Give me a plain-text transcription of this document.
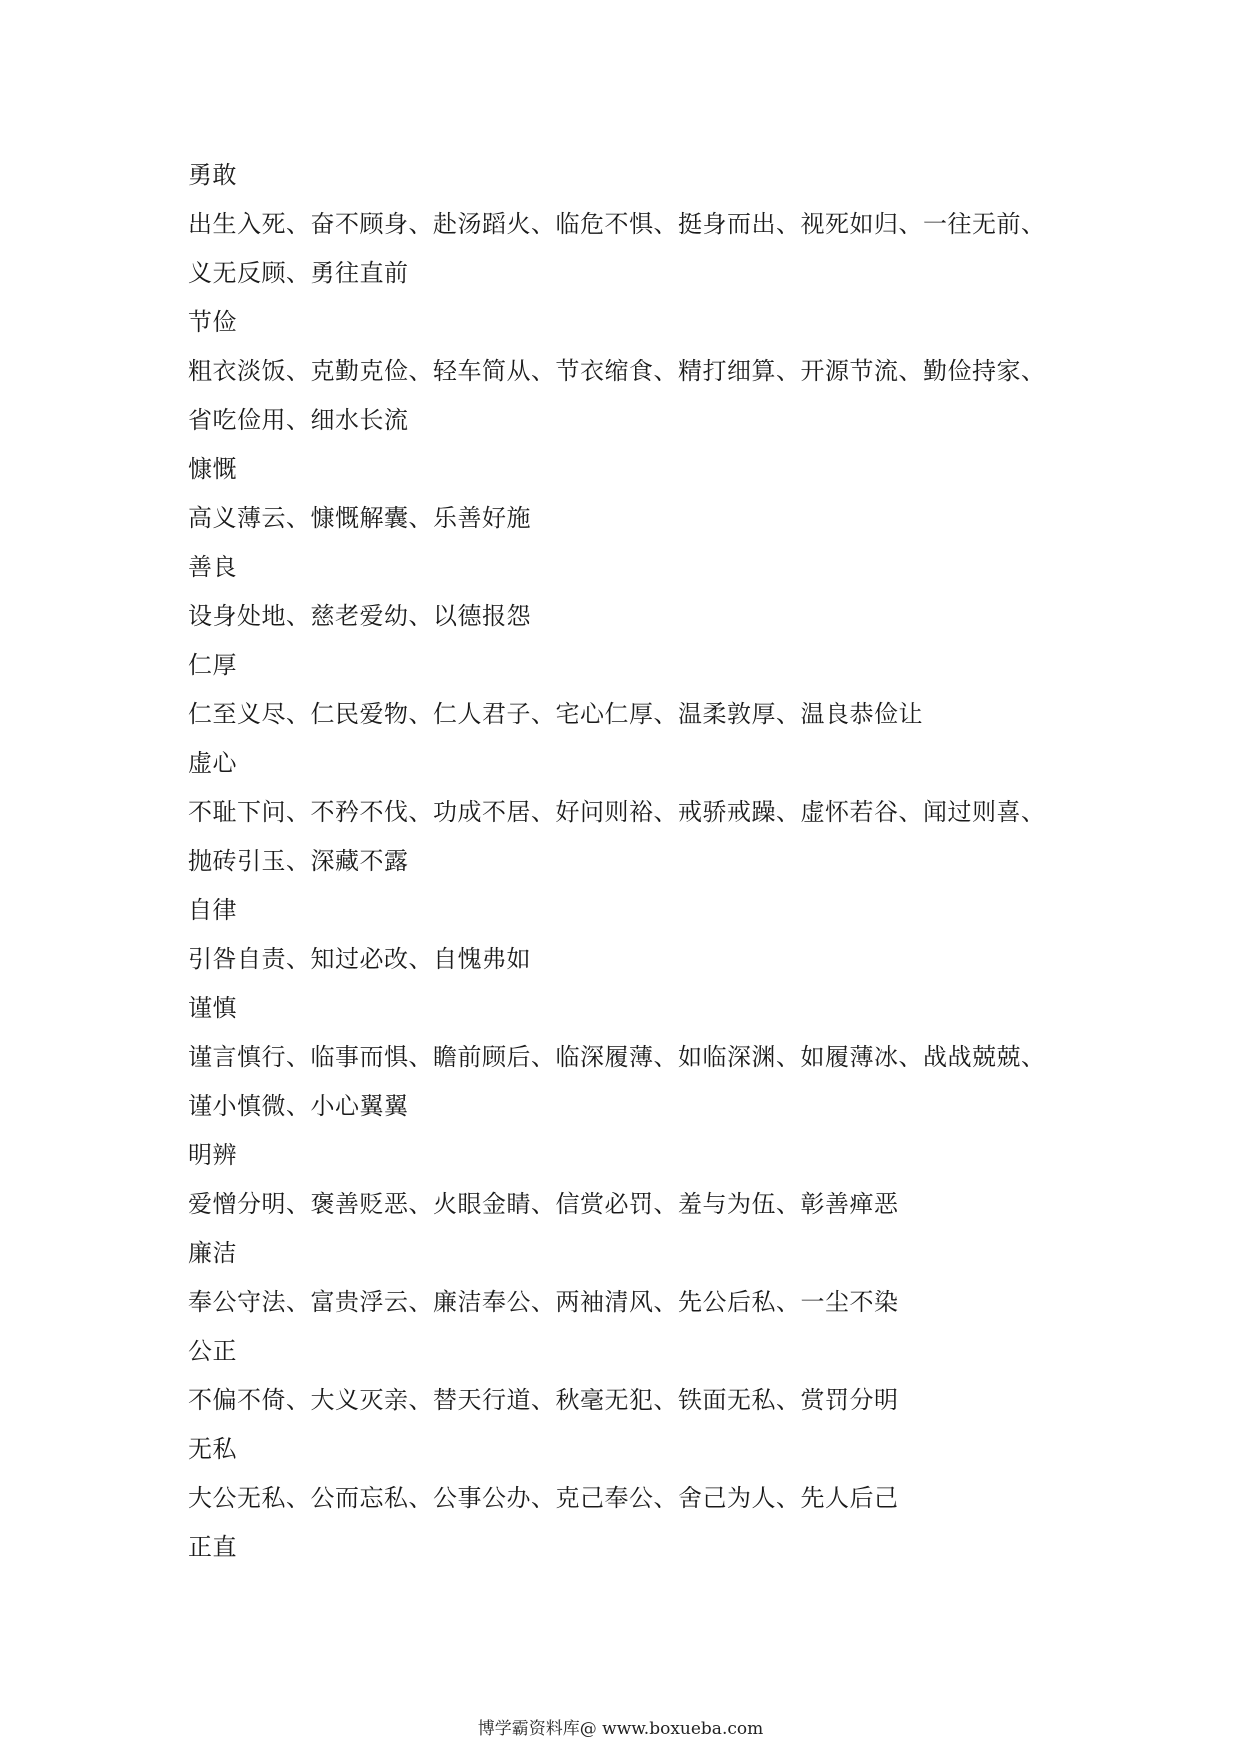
勇敢
出生入死、奋不顾身、赴汤蹈火、临危不惧、挺身而出、视死如归、一往无前、
义无反顾、勇往直前
节俭
粗衣淡饭、克勤克俭、轻车简从、节衣缩食、精打细算、开源节流、勤俭持家、
省吃俭用、细水长流
慷慨
高义薄云、慷慨解囊、乐善好施
善良
设身处地、慈老爱幼、以德报怨
仁厚
仁至义尽、仁民爱物、仁人君子、宅心仁厚、温柔敦厚、温良恭俭让
虚心
不耻下问、不矜不伐、功成不居、好问则裕、戒骄戒躁、虚怀若谷、闻过则喜、
抛砖引玉、深藏不露
自律
引咎自责、知过必改、自愧弗如
谨慎
谨言慎行、临事而惧、瞻前顾后、临深履薄、如临深渊、如履薄冰、战战兢兢、
谨小慎微、小心翼翼
明辨
爱憎分明、褒善贬恶、火眼金睛、信赏必罚、羞与为伍、彰善瘅恶
廉洁
奉公守法、富贵浮云、廉洁奉公、两袖清风、先公后私、一尘不染
公正
不偏不倚、大义灭亲、替天行道、秋毫无犯、铁面无私、赏罚分明
无私
大公无私、公而忘私、公事公办、克己奉公、舍己为人、先人后己
正直
博学霸资料库@ www.boxueba.com
